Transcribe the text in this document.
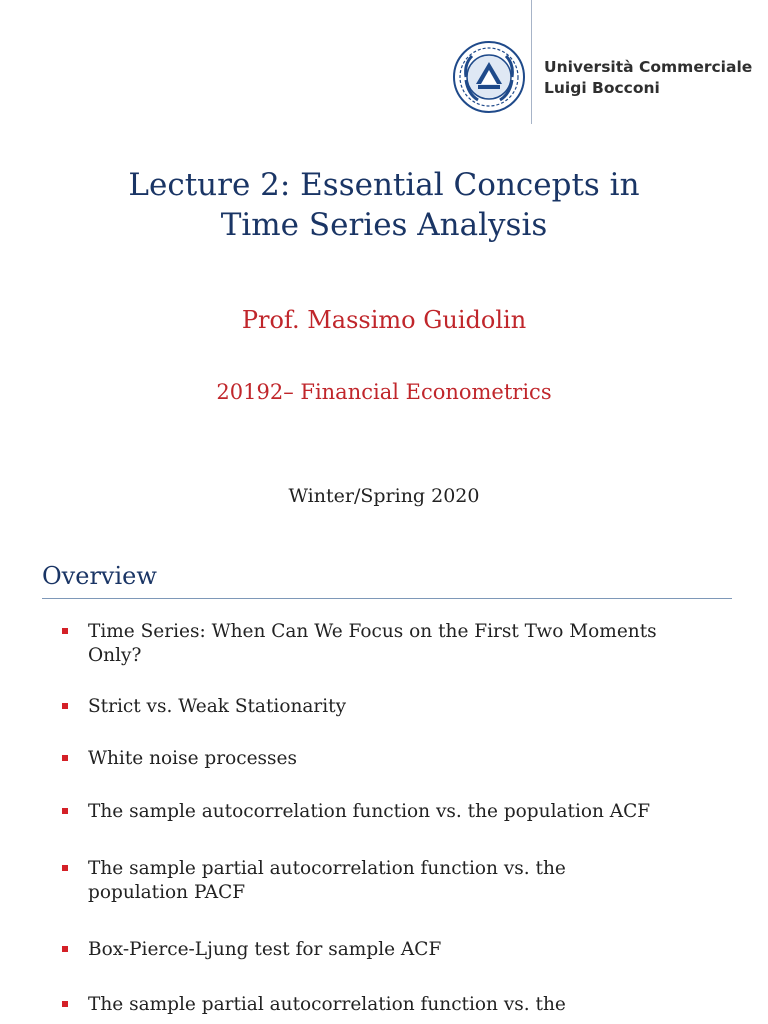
Università Commerciale
Luigi Bocconi
Lecture 2: Essential Concepts in
Time Series Analysis
Prof. Massimo Guidolin
20192– Financial Econometrics
Winter/Spring 2020
Overview
Time Series: When Can We Focus on the First Two Moments
Only?
Strict vs. Weak Stationarity
White noise processes
The sample autocorrelation function vs. the population ACF
The sample partial autocorrelation function vs. the
population PACF
Box-Pierce-Ljung test for sample ACF
The sample partial autocorrelation function vs. the
